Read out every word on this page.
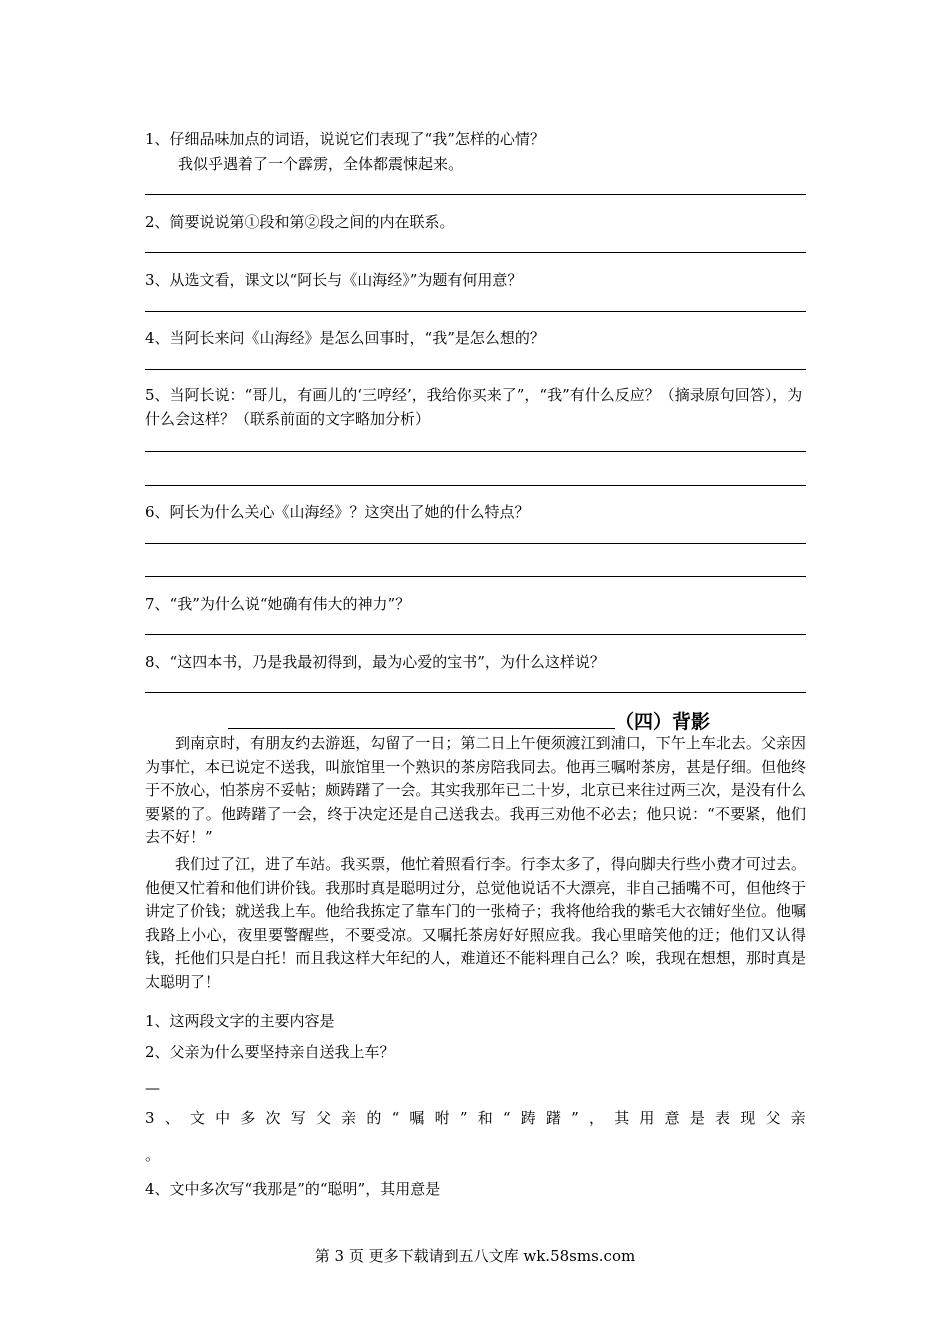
1、仔细品味加点的词语，说说它们表现了“我”怎样的心情？
我似乎遇着了一个霹雳，全体都震悚起来。
2、简要说说第①段和第②段之间的内在联系。
3、从选文看，课文以“阿长与《山海经》”为题有何用意？
4、当阿长来问《山海经》是怎么回事时，“我”是怎么想的？
5、当阿长说：“哥儿，有画儿的‘三哼经’，我给你买来了”，“我”有什么反应？（摘录原句回答），为什么会这样？（联系前面的文字略加分析）
6、阿长为什么关心《山海经》？这突出了她的什么特点？
7、“我”为什么说“她确有伟大的神力”？
8、“这四本书，乃是我最初得到，最为心爱的宝书”，为什么这样说？
（四）背影
到南京时，有朋友约去游逛，勾留了一日；第二日上午便须渡江到浦口，下午上车北去。父亲因为事忙，本已说定不送我，叫旅馆里一个熟识的茶房陪我同去。他再三嘱咐茶房，甚是仔细。但他终于不放心，怕茶房不妥帖；颇踌躇了一会。其实我那年已二十岁，北京已来往过两三次，是没有什么要紧的了。他踌躇了一会，终于决定还是自己送我去。我再三劝他不必去；他只说：“不要紧，他们去不好！”
我们过了江，进了车站。我买票，他忙着照看行李。行李太多了，得向脚夫行些小费才可过去。他便又忙着和他们讲价钱。我那时真是聪明过分，总觉他说话不大漂亮，非自己插嘴不可，但他终于讲定了价钱；就送我上车。他给我拣定了靠车门的一张椅子；我将他给我的紫毛大衣铺好坐位。他嘱我路上小心，夜里要警醒些，不要受凉。又嘱托茶房好好照应我。我心里暗笑他的迂；他们又认得钱，托他们只是白托！而且我这样大年纪的人，难道还不能料理自己么？唉，我现在想想，那时真是太聪明了！
1、这两段文字的主要内容是
2、父亲为什么要坚持亲自送我上车？
—
3 、 文 中 多 次 写 父 亲 的 “ 嘱 咐 ” 和 “ 踌 躇 ” ， 其 用 意 是 表 现 父 亲
。
4、文中多次写“我那是”的“聪明”，其用意是
第 3 页 更多下载请到五八文库 wk.58sms.com
